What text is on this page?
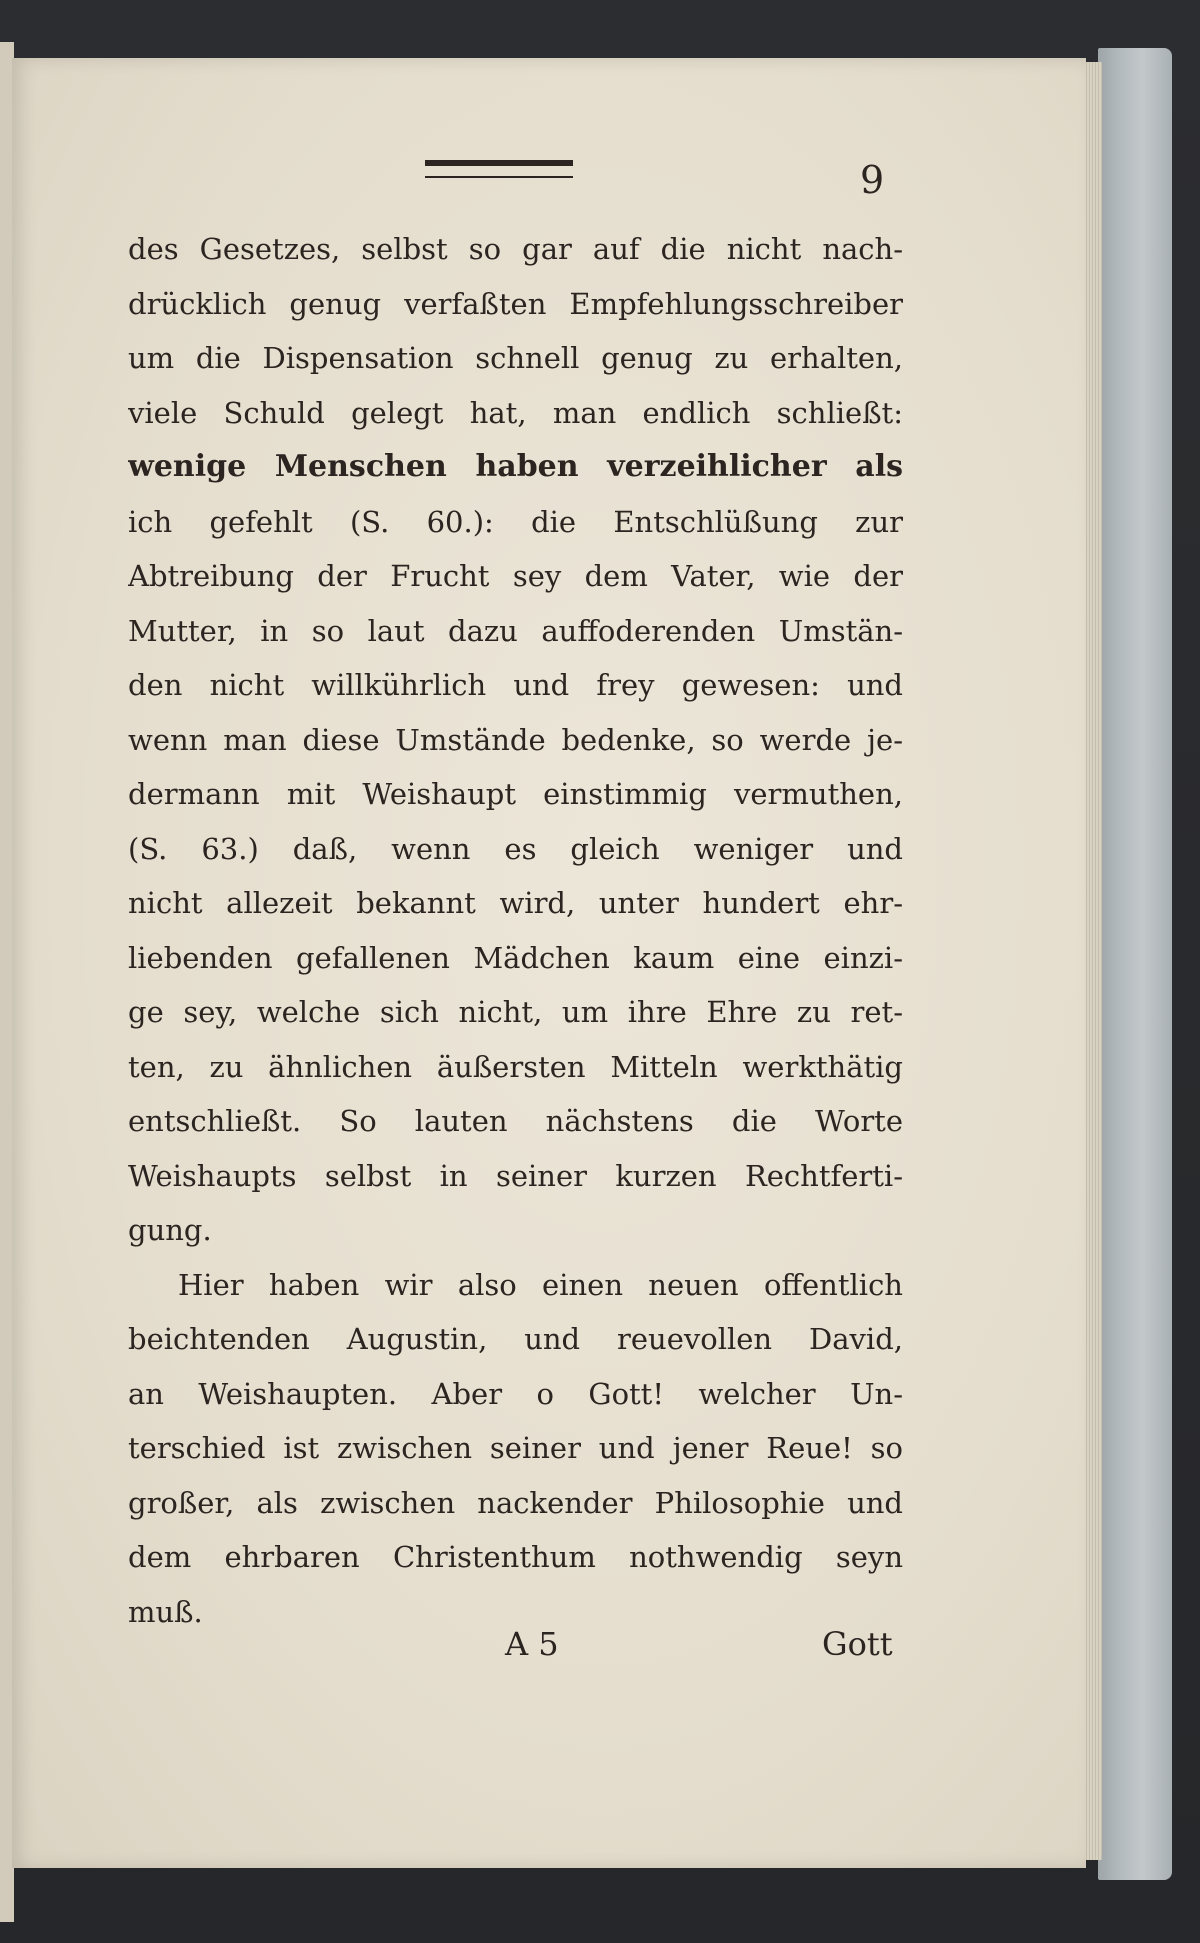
9
des Gesetzes, selbst so gar auf die nicht nach-
drücklich genug verfaßten Empfehlungsschreiber
um die Dispensation schnell genug zu erhalten,
viele Schuld gelegt hat, man endlich schließt:
wenige Menschen haben verzeihlicher als
ich gefehlt (S. 60.): die Entschlüßung zur
Abtreibung der Frucht sey dem Vater, wie der
Mutter, in so laut dazu auffoderenden Umstän-
den nicht willkührlich und frey gewesen: und
wenn man diese Umstände bedenke, so werde je-
dermann mit Weishaupt einstimmig vermuthen,
(S. 63.) daß, wenn es gleich weniger und
nicht allezeit bekannt wird, unter hundert ehr-
liebenden gefallenen Mädchen kaum eine einzi-
ge sey, welche sich nicht, um ihre Ehre zu ret-
ten, zu ähnlichen äußersten Mitteln werkthätig
entschließt. So lauten nächstens die Worte
Weishaupts selbst in seiner kurzen Rechtferti-
gung.
Hier haben wir also einen neuen offentlich
beichtenden Augustin, und reuevollen David,
an Weishaupten. Aber o Gott! welcher Un-
terschied ist zwischen seiner und jener Reue! so
großer, als zwischen nackender Philosophie und
dem ehrbaren Christenthum nothwendig seyn
muß.
A 5	Gott
